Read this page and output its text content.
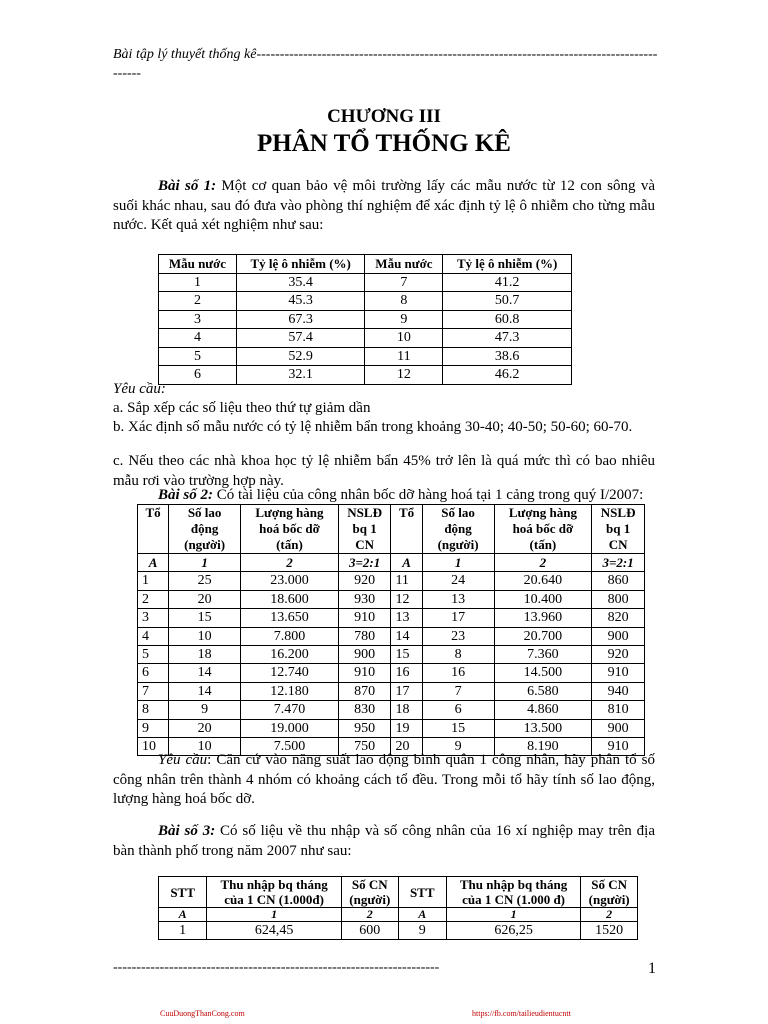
Bài tập lý thuyết thống kê--------------------------------------------------------------------------------------------
CHƯƠNG III
PHÂN TỔ THỐNG KÊ
Bài số 1: Một cơ quan bảo vệ môi trường lấy các mẫu nước từ 12 con sông và suối khác nhau, sau đó đưa vào phòng thí nghiệm để xác định tỷ lệ ô nhiễm cho từng mẫu nước. Kết quả xét nghiệm như sau:
Mẫu nước	Tỷ lệ ô nhiễm (%)	Mẫu nước	Tỷ lệ ô nhiễm (%)
1	35.4	7	41.2
2	45.3	8	50.7
3	67.3	9	60.8
4	57.4	10	47.3
5	52.9	11	38.6
6	32.1	12	46.2
Yêu cầu:
a. Sắp xếp các số liệu theo thứ tự giảm dần
b. Xác định số mẫu nước có tỷ lệ nhiễm bẩn trong khoảng 30-40; 40-50; 50-60; 60-70.
c. Nếu theo các nhà khoa học tỷ lệ nhiễm bẩn 45% trở lên là quá mức thì có bao nhiêu mẫu rơi vào trường hợp này.
Bài số 2: Có tài liệu của công nhân bốc dỡ hàng hoá tại 1 cảng trong quý I/2007:
Tổ	Số lao động (người)	Lượng hàng hoá bốc dỡ (tấn)	NSLĐ bq 1 CN	Tổ	Số lao động (người)	Lượng hàng hoá bốc dỡ (tấn)	NSLĐ bq 1 CN
A	1	2	3=2:1	A	1	2	3=2:1
1	25	23.000	920	11	24	20.640	860
2	20	18.600	930	12	13	10.400	800
3	15	13.650	910	13	17	13.960	820
4	10	7.800	780	14	23	20.700	900
5	18	16.200	900	15	8	7.360	920
6	14	12.740	910	16	16	14.500	910
7	14	12.180	870	17	7	6.580	940
8	9	7.470	830	18	6	4.860	810
9	20	19.000	950	19	15	13.500	900
10	10	7.500	750	20	9	8.190	910
Yêu cầu: Căn cứ vào năng suất lao động bình quân 1 công nhân, hãy phân tổ số công nhân trên thành 4 nhóm có khoảng cách tổ đều. Trong mỗi tổ hãy tính số lao động, lượng hàng hoá bốc dỡ.
Bài số 3: Có số liệu về thu nhập và số công nhân của 16 xí nghiệp may trên địa bàn thành phố trong năm 2007 như sau:
STT	Thu nhập bq tháng của 1 CN (1.000đ)	Số CN (người)	STT	Thu nhập bq tháng của 1 CN (1.000 đ)	Số CN (người)
A	1	2	A	1	2
1	624,45	600	9	626,25	1520
----------------------------------------------------------------------	1
CuuDuongThanCong.com	https://fb.com/tailieudientucntt
